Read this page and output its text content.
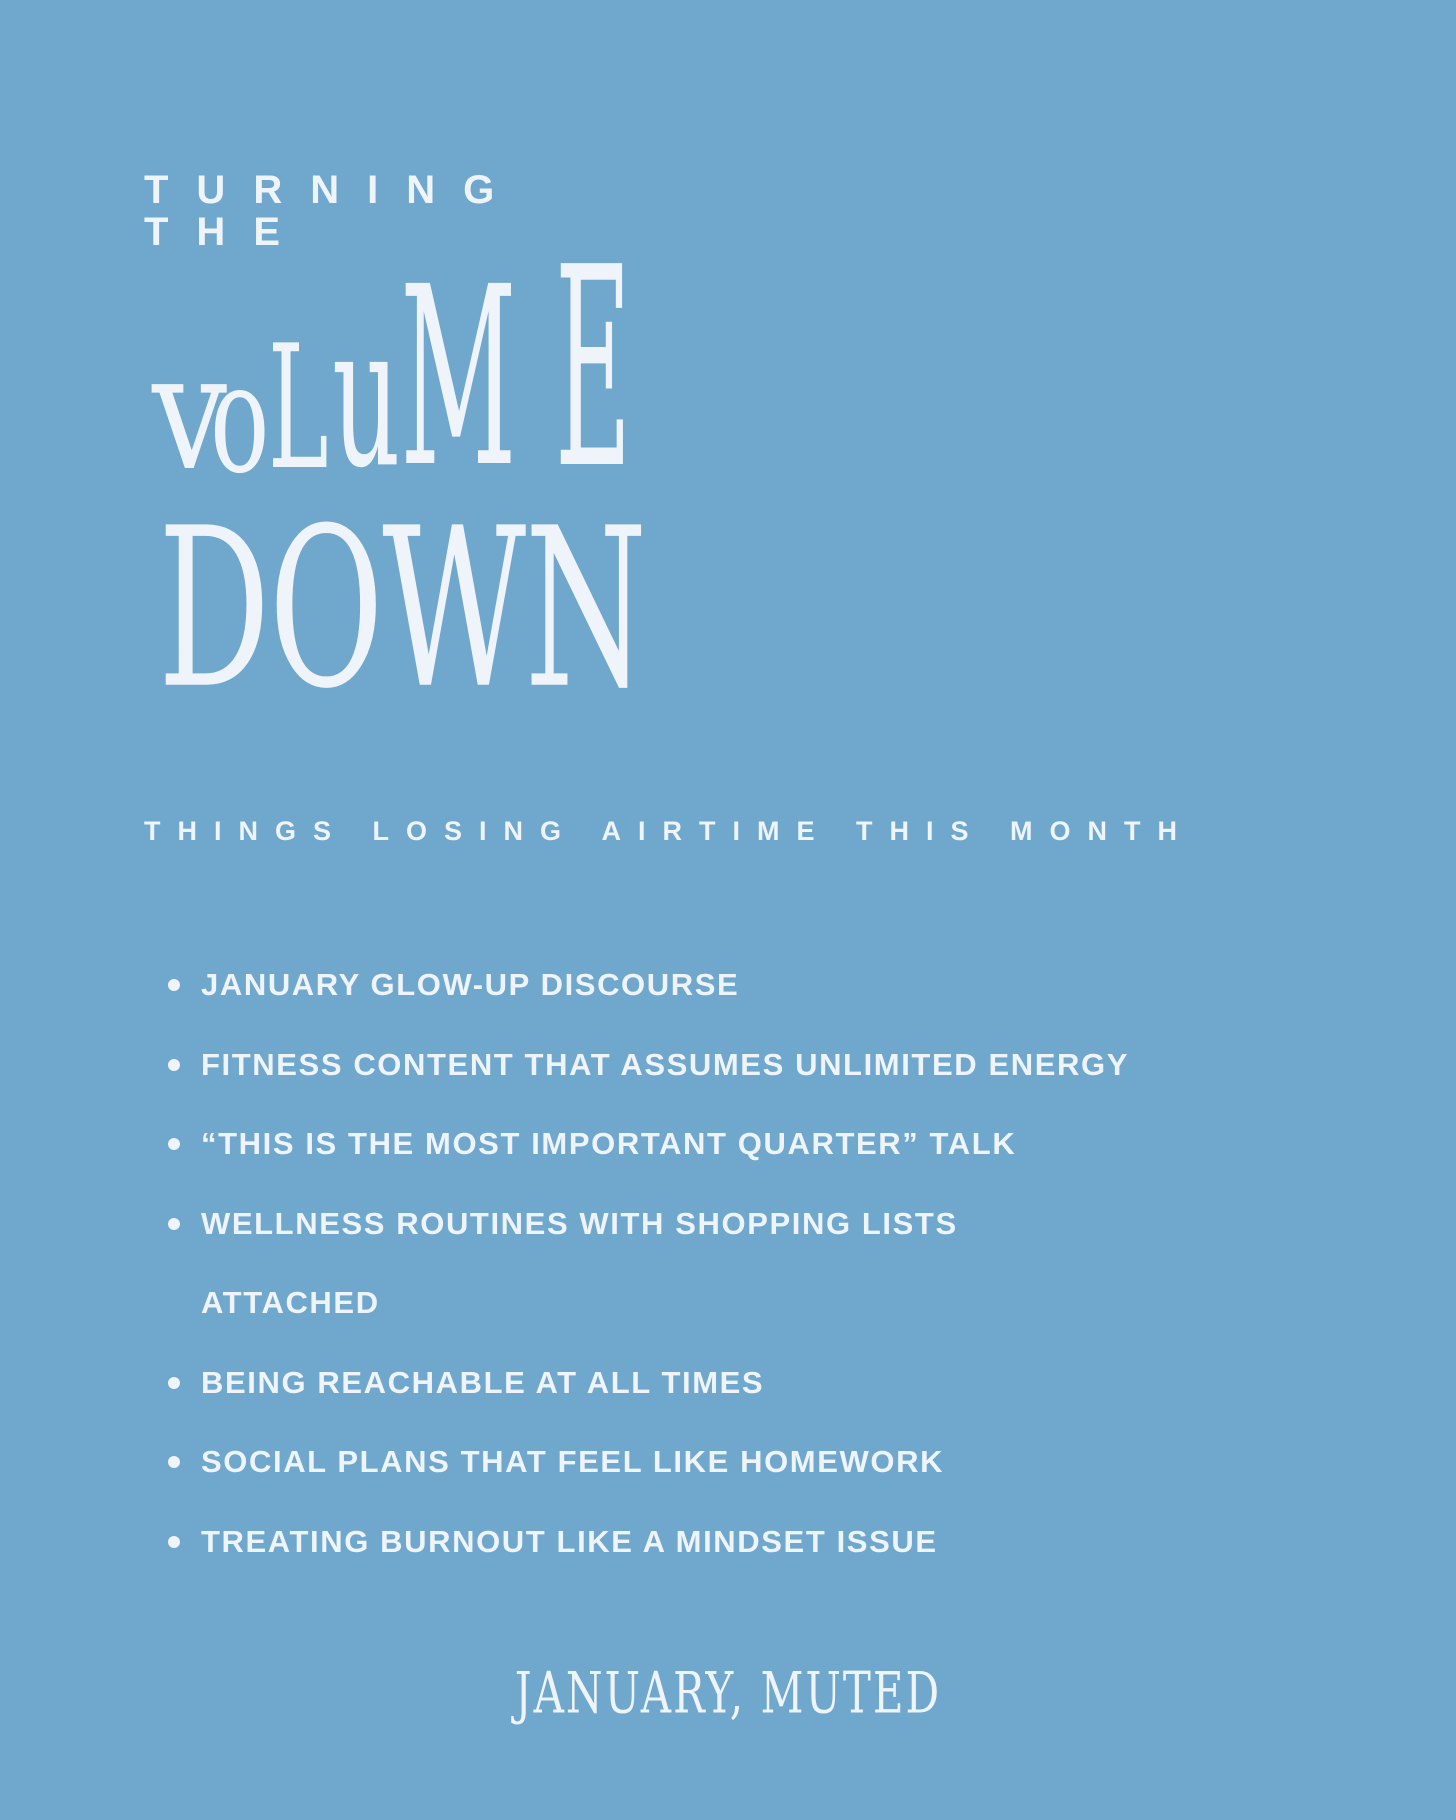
TURNING
THE
v
o
L u M E
DOWN
THINGS LOSING AIRTIME THIS MONTH
JANUARY GLOW-UP DISCOURSE
FITNESS CONTENT THAT ASSUMES UNLIMITED ENERGY
“THIS IS THE MOST IMPORTANT QUARTER” TALK
WELLNESS ROUTINES WITH SHOPPING LISTS
ATTACHED
BEING REACHABLE AT ALL TIMES
SOCIAL PLANS THAT FEEL LIKE HOMEWORK
TREATING BURNOUT LIKE A MINDSET ISSUE
JANUARY, MUTED
